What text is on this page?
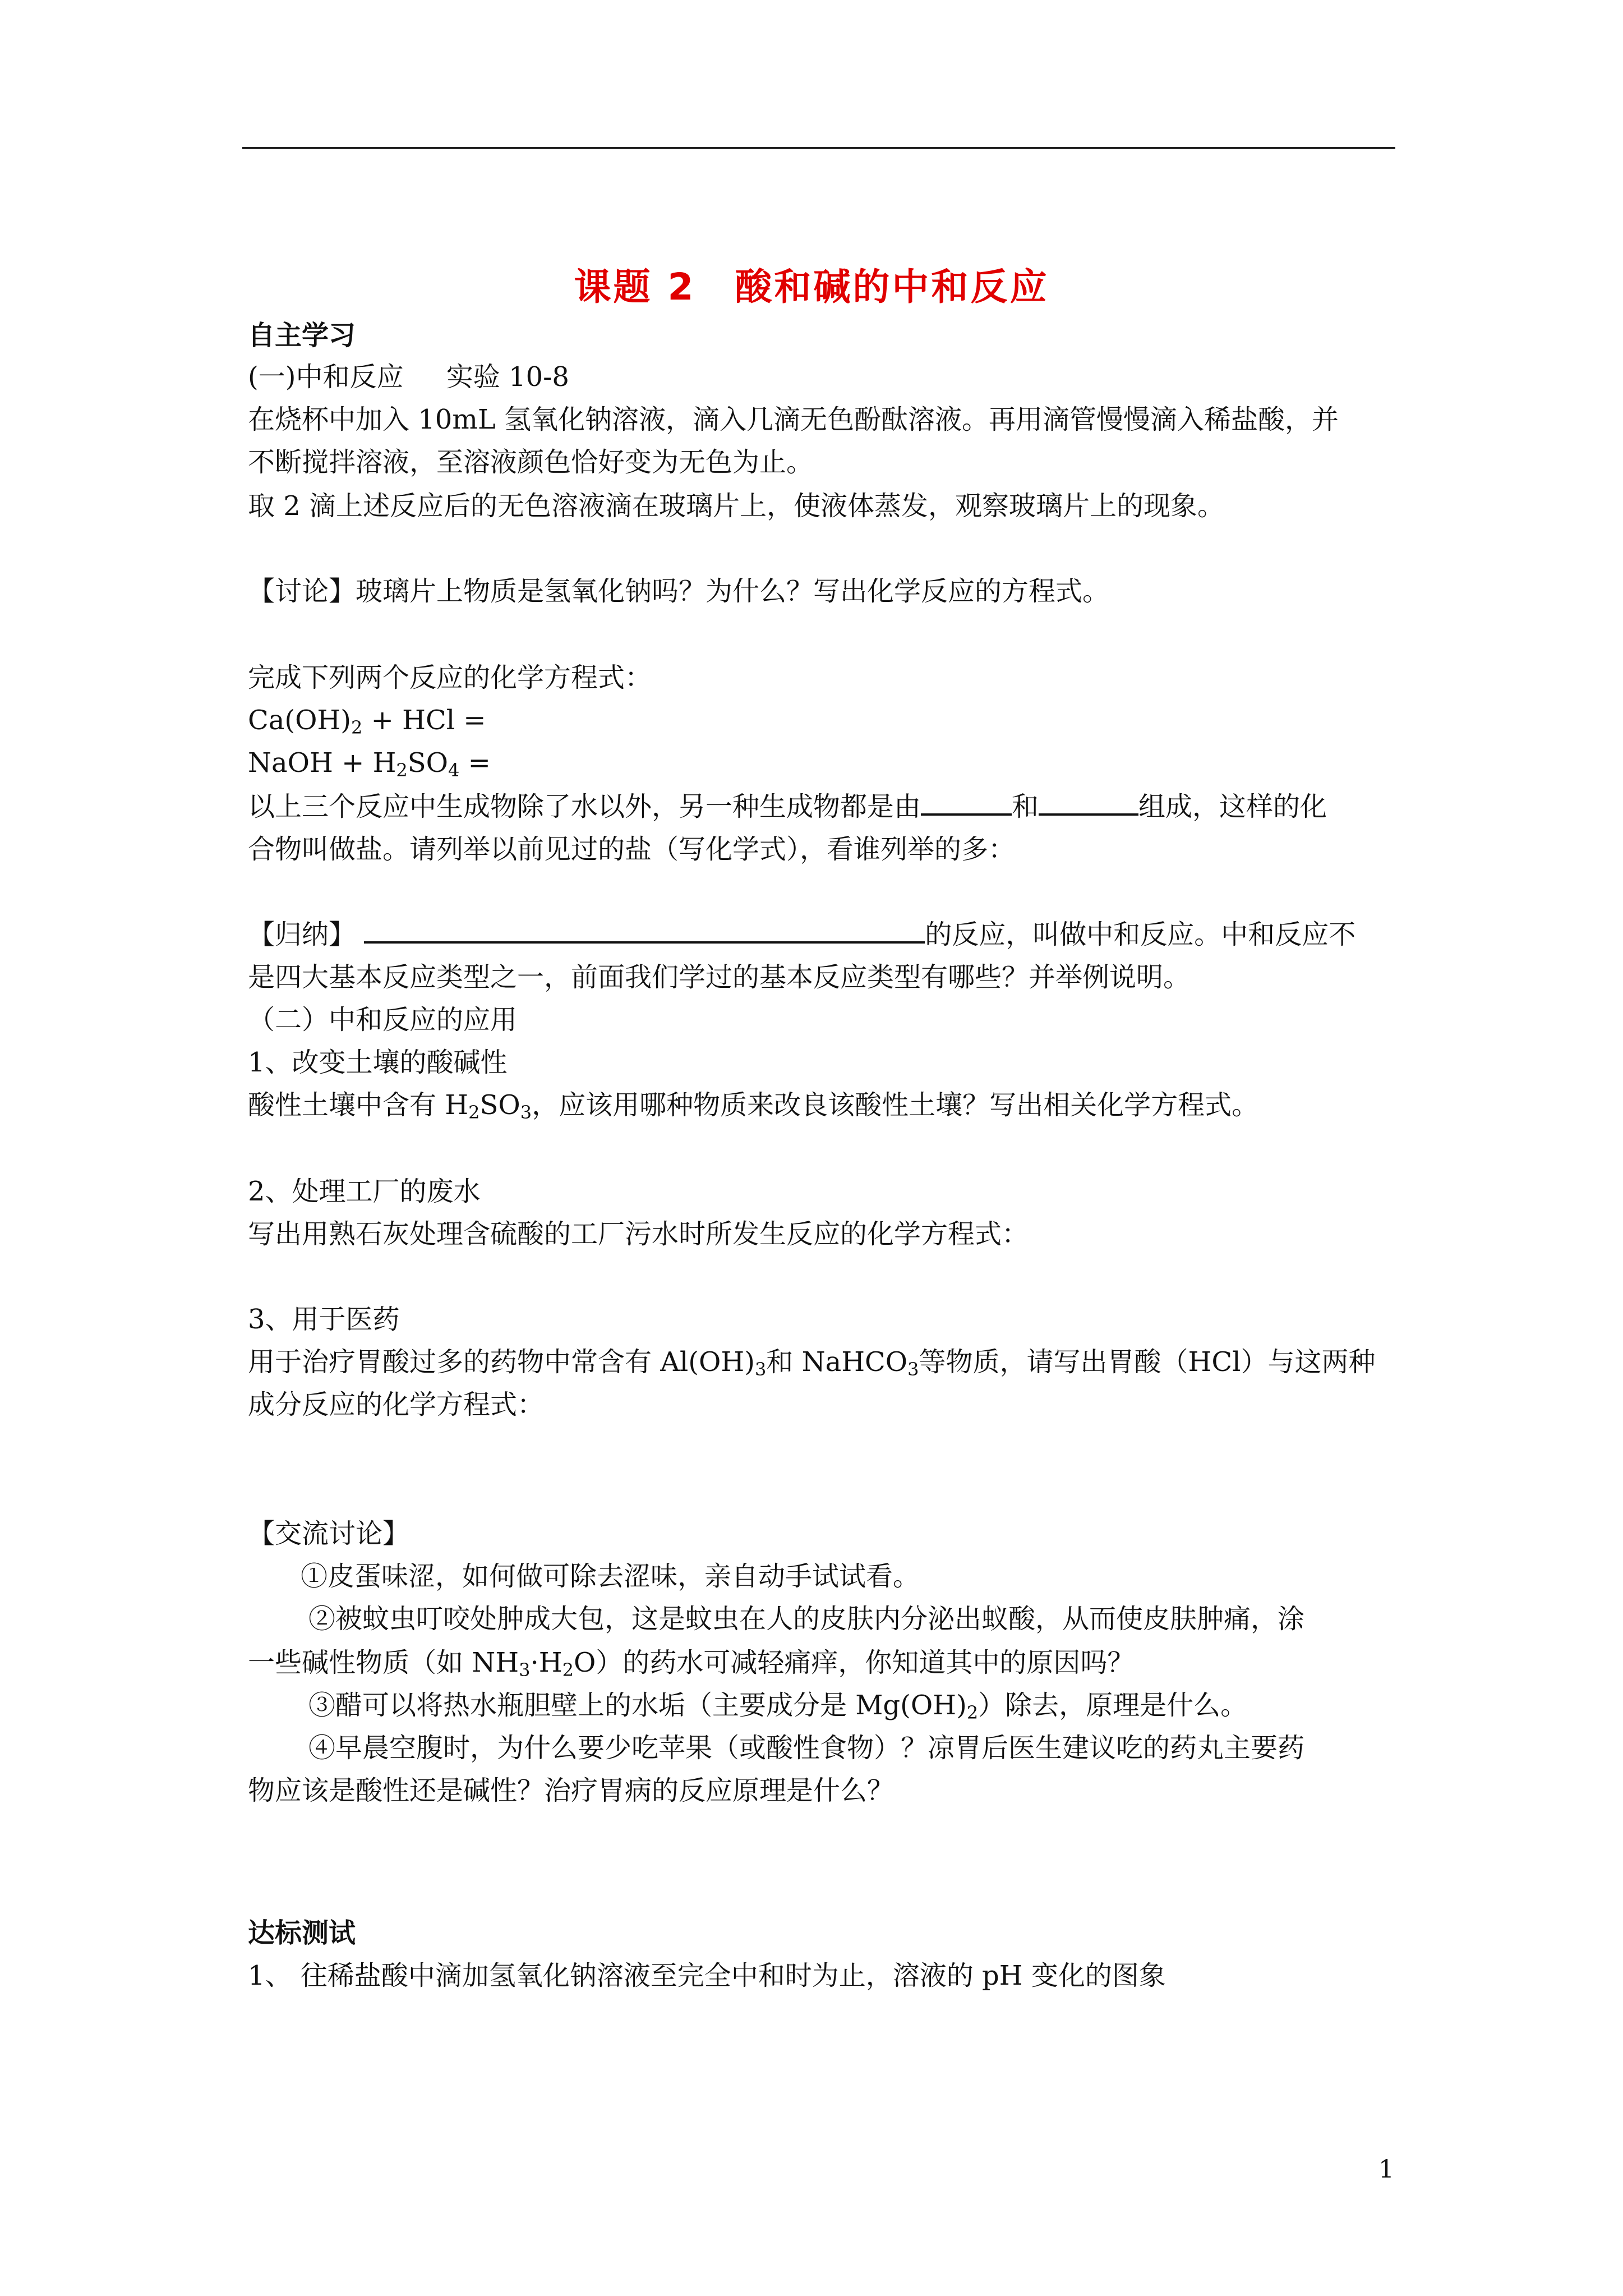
课题 2　酸和碱的中和反应
自主学习
(一)中和反应 实验 10-8
在烧杯中加入 10mL 氢氧化钠溶液，滴入几滴无色酚酞溶液。再用滴管慢慢滴入稀盐酸，并
不断搅拌溶液，至溶液颜色恰好变为无色为止。
取 2 滴上述反应后的无色溶液滴在玻璃片上，使液体蒸发，观察玻璃片上的现象。
【讨论】玻璃片上物质是氢氧化钠吗？为什么？写出化学反应的方程式。
完成下列两个反应的化学方程式：
$Ca(OH)_2$ + HCl =
NaOH + $H_2SO_4$ =
以上三个反应中生成物除了水以外，另一种生成物都是由	和	组成，这样的化
合物叫做盐。请列举以前见过的盐（写化学式），看谁列举的多：
【归纳】	的反应，叫做中和反应。中和反应不
是四大基本反应类型之一，前面我们学过的基本反应类型有哪些？并举例说明。
（二）中和反应的应用
1、改变土壤的酸碱性
酸性土壤中含有 $H_2SO_3$，应该用哪种物质来改良该酸性土壤？写出相关化学方程式。
2、处理工厂的废水
写出用熟石灰处理含硫酸的工厂污水时所发生反应的化学方程式：
3、用于医药
用于治疗胃酸过多的药物中常含有 $Al(OH)_3$和 NaHCO$_3$等物质，请写出胃酸（HCl）与这两种
成分反应的化学方程式：
【交流讨论】
①皮蛋味涩，如何做可除去涩味，亲自动手试试看。
②被蚊虫叮咬处肿成大包，这是蚊虫在人的皮肤内分泌出蚁酸，从而使皮肤肿痛，涂
一些碱性物质（如 $NH_3\cdot H_2O$）的药水可减轻痛痒，你知道其中的原因吗？
③醋可以将热水瓶胆壁上的水垢（主要成分是 $Mg(OH)_2$）除去，原理是什么。
④早晨空腹时，为什么要少吃苹果（或酸性食物）？凉胃后医生建议吃的药丸主要药
物应该是酸性还是碱性？治疗胃病的反应原理是什么？
达标测试
1、 往稀盐酸中滴加氢氧化钠溶液至完全中和时为止，溶液的 pH 变化的图象
1
